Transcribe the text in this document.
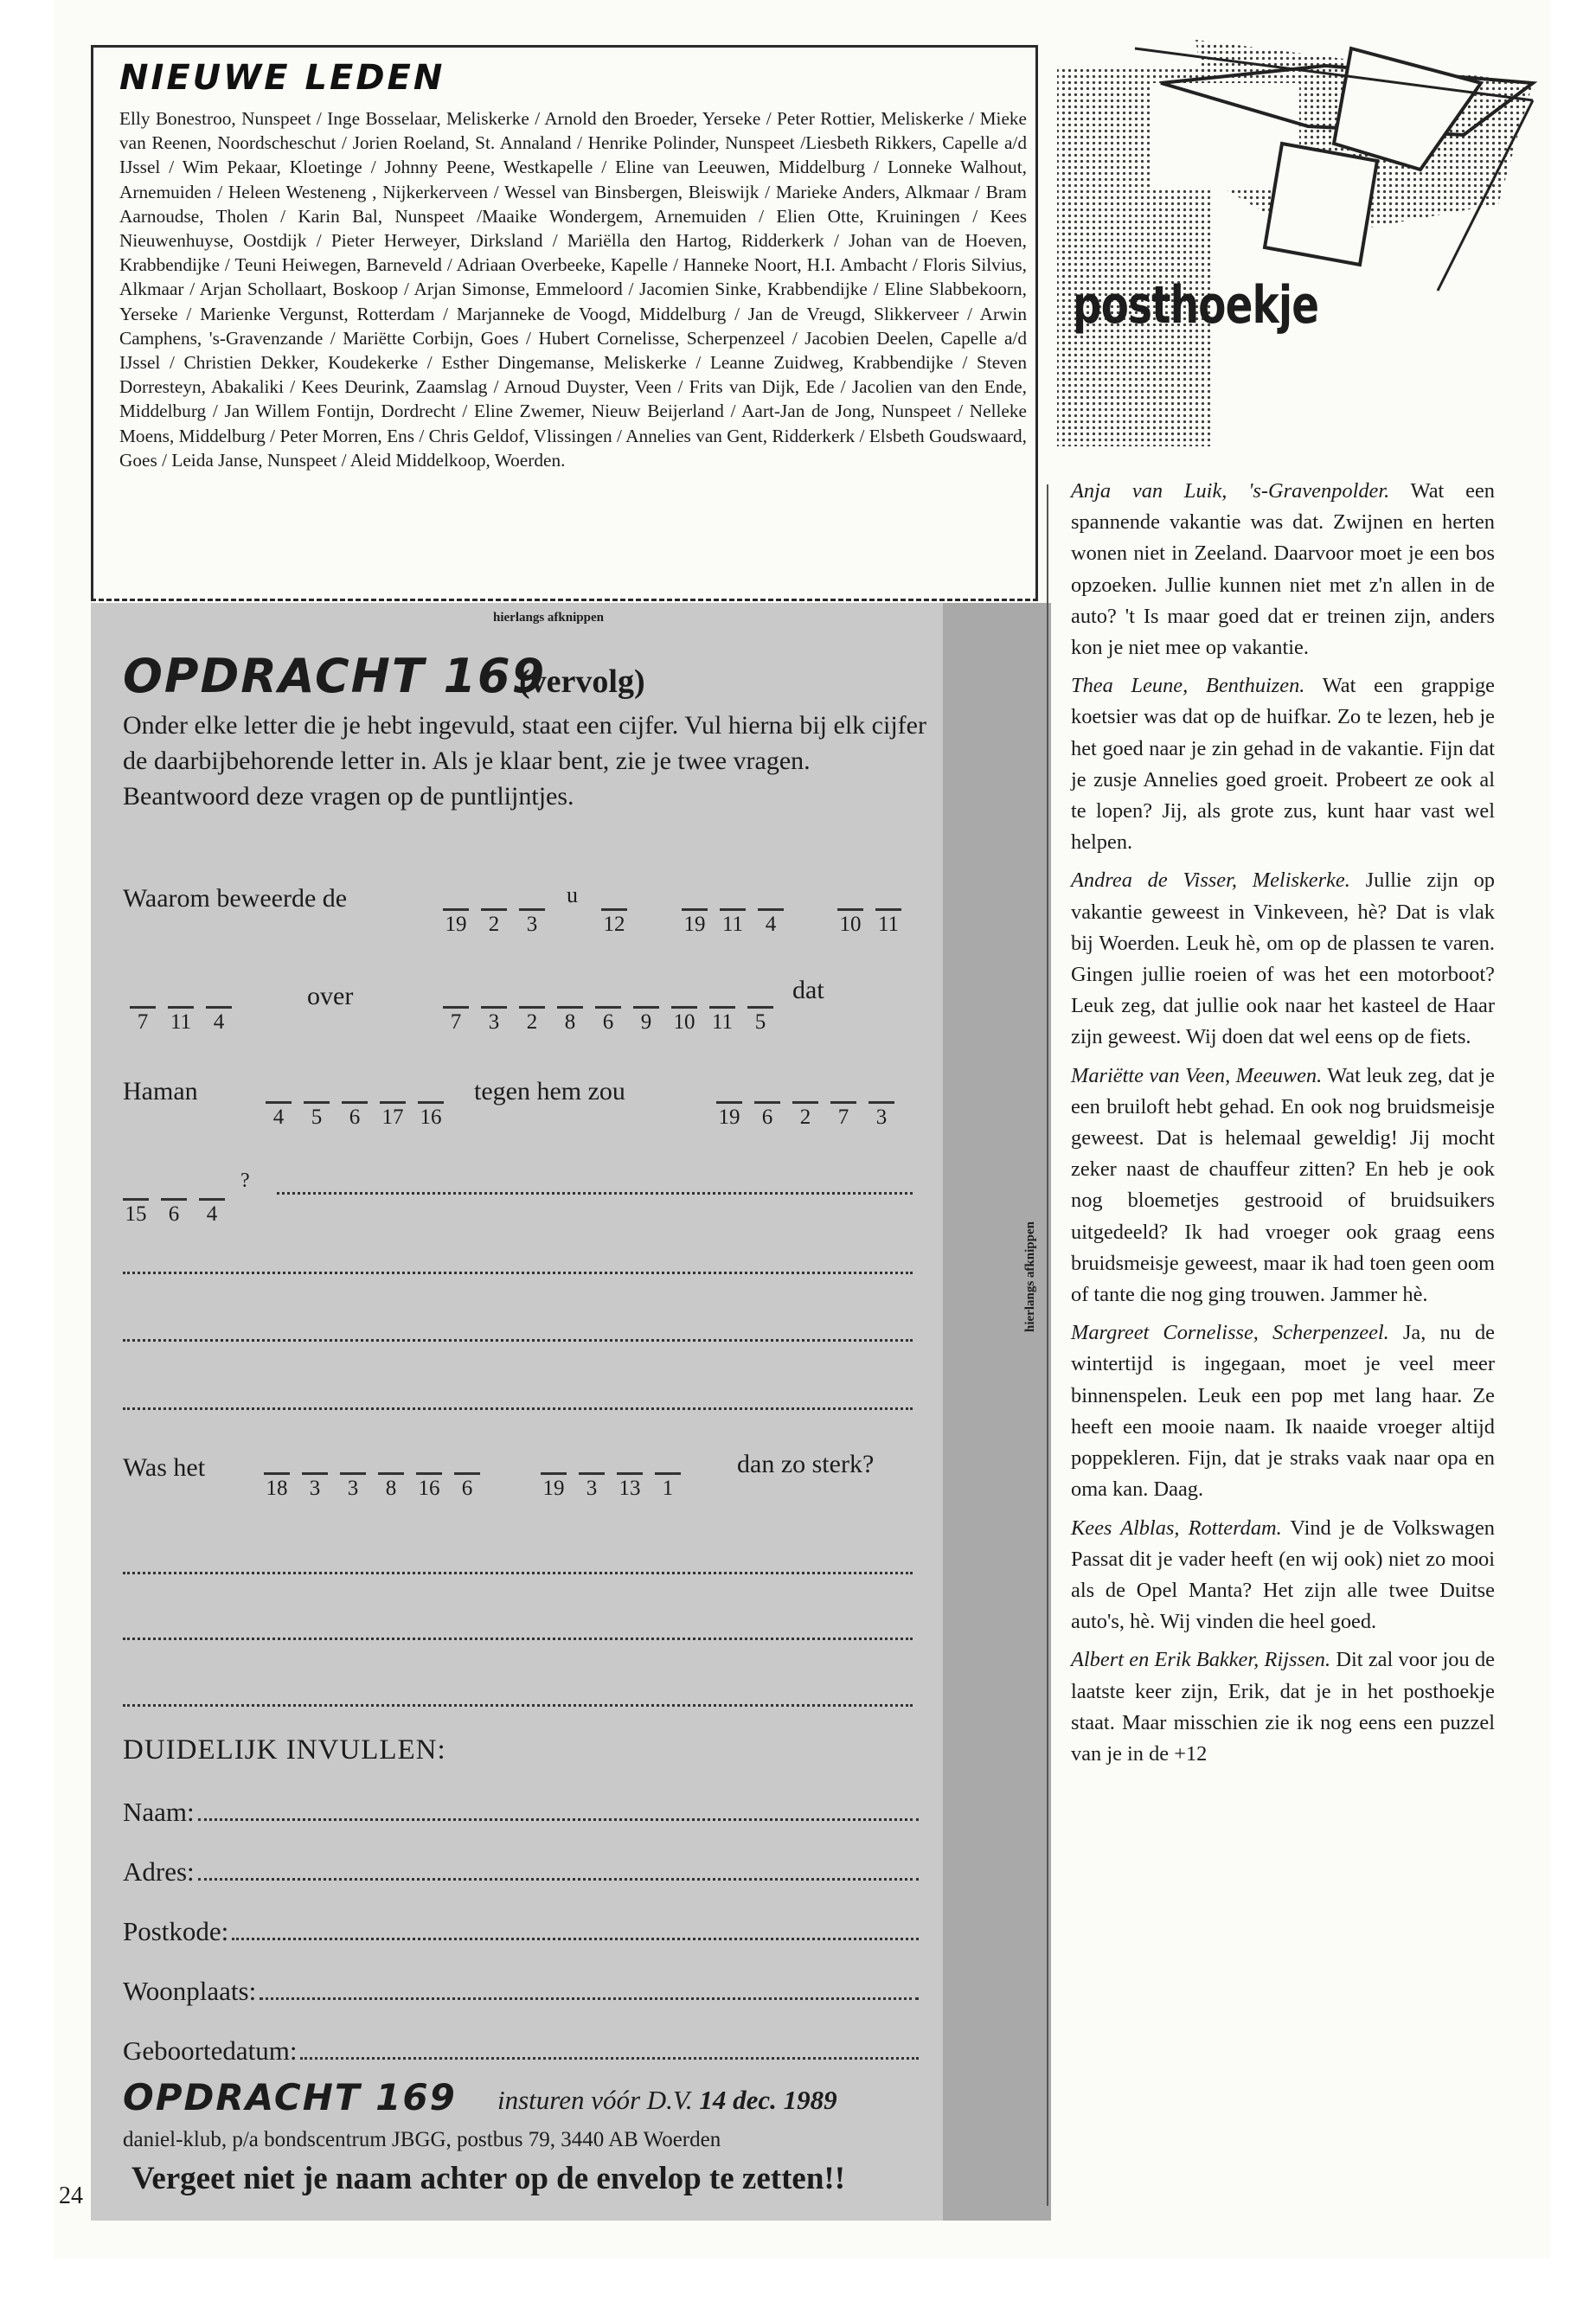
NIEUWE LEDEN

Elly Bonestroo, Nunspeet / Inge Bosselaar, Meliskerke / Arnold den Broeder, Yerseke / Peter Rottier, Meliskerke / Mieke van Reenen, Noordscheschut / Jorien Roeland, St. Annaland / Henrike Polinder, Nunspeet /Liesbeth Rikkers, Capelle a/d IJssel / Wim Pekaar, Kloetinge / Johnny Peene, Westkapelle / Eline van Leeuwen, Middelburg / Lonneke Walhout, Arnemuiden / Heleen Westeneng , Nijkerkerveen / Wessel van Binsbergen, Bleiswijk / Marieke Anders, Alkmaar / Bram Aarnoudse, Tholen / Karin Bal, Nunspeet /Maaike Wondergem, Arnemuiden / Elien Otte, Kruiningen / Kees Nieuwenhuyse, Oostdijk / Pieter Herweyer, Dirksland / Mariëlla den Hartog, Ridderkerk / Johan van de Hoeven, Krabbendijke / Teuni Heiwegen, Barneveld / Adriaan Overbeeke, Kapelle / Hanneke Noort, H.I. Ambacht / Floris Silvius, Alkmaar / Arjan Schollaart, Boskoop / Arjan Simonse, Emmeloord / Jacomien Sinke, Krabbendijke / Eline Slabbekoorn, Yerseke / Marienke Vergunst, Rotterdam / Marjanneke de Voogd, Middelburg / Jan de Vreugd, Slikkerveer / Arwin Camphens, 's-Gravenzande / Mariëtte Corbijn, Goes / Hubert Cornelisse, Scherpenzeel / Jacobien Deelen, Capelle a/d IJssel / Christien Dekker, Koudekerke / Esther Dingemanse, Meliskerke / Leanne Zuidweg, Krabbendijke / Steven Dorresteyn, Abakaliki / Kees Deurink, Zaamslag / Arnoud Duyster, Veen / Frits van Dijk, Ede / Jacolien van den Ende, Middelburg / Jan Willem Fontijn, Dordrecht / Eline Zwemer, Nieuw Beijerland / Aart-Jan de Jong, Nunspeet / Nelleke Moens, Middelburg / Peter Morren, Ens / Chris Geldof, Vlissingen / Annelies van Gent, Ridderkerk / Elsbeth Goudswaard, Goes / Leida Janse, Nunspeet / Aleid Middelkoop, Woerden.

hierlangs afknippen
OPDRACHT 169
(vervolg)
Onder elke letter die je hebt ingevuld, staat een cijfer. Vul hierna bij elk cijfer de daarbijbehorende letter in. Als je klaar bent, zie je twee vragen. Beantwoord deze vragen op de puntlijntjes.
Waarom beweerde de
19	2	3
u
12	19 11	4	10 11
7	11	4
over
7	3	2	8	6	9	10 11	5
dat
Haman
4	5	6	17 16
tegen hem zou
19	6	2	7	3
15	6	4
?
Was het
18	3	3	8	16	6	19	3	13	1
dan zo sterk?
DUIDELIJK INVULLEN:
Naam:
Adres:
Postkode:
Woonplaats:
Geboortedatum:
OPDRACHT 169 insturen vóór D.V. 14 dec. 1989
daniel-klub, p/a bondscentrum JBGG, postbus 79, 3440 AB Woerden
Vergeet niet je naam achter op de envelop te zetten!!
24
posthoekje

Anja van Luik, 's-Gravenpolder. Wat een spannende vakantie was dat. Zwijnen en herten wonen niet in Zeeland. Daarvoor moet je een bos opzoeken. Jullie kunnen niet met z'n allen in de auto? 't Is maar goed dat er treinen zijn, anders kon je niet mee op vakantie.

Thea Leune, Benthuizen. Wat een grappige koetsier was dat op de huifkar. Zo te lezen, heb je het goed naar je zin gehad in de vakantie. Fijn dat je zusje Annelies goed groeit. Probeert ze ook al te lopen? Jij, als grote zus, kunt haar vast wel helpen.

Andrea de Visser, Meliskerke. Jullie zijn op vakantie geweest in Vinkeveen, hè? Dat is vlak bij Woerden. Leuk hè, om op de plassen te varen. Gingen jullie roeien of was het een motorboot? Leuk zeg, dat jullie ook naar het kasteel de Haar zijn geweest. Wij doen dat wel eens op de fiets.

Mariëtte van Veen, Meeuwen. Wat leuk zeg, dat je een bruiloft hebt gehad. En ook nog bruidsmeisje geweest. Dat is helemaal geweldig! Jij mocht zeker naast de chauffeur zitten? En heb je ook nog bloemetjes gestrooid of bruidsuikers uitgedeeld? Ik had vroeger ook graag eens bruidsmeisje geweest, maar ik had toen geen oom of tante die nog ging trouwen. Jammer hè.

Margreet Cornelisse, Scherpenzeel. Ja, nu de wintertijd is ingegaan, moet je veel meer binnenspelen. Leuk een pop met lang haar. Ze heeft een mooie naam. Ik naaide vroeger altijd poppekleren. Fijn, dat je straks vaak naar opa en oma kan. Daag.

Kees Alblas, Rotterdam. Vind je de Volkswagen Passat dit je vader heeft (en wij ook) niet zo mooi als de Opel Manta? Het zijn alle twee Duitse auto's, hè. Wij vinden die heel goed.

Albert en Erik Bakker, Rijssen. Dit zal voor jou de laatste keer zijn, Erik, dat je in het posthoekje staat. Maar misschien zie ik nog eens een puzzel van je in de +12
